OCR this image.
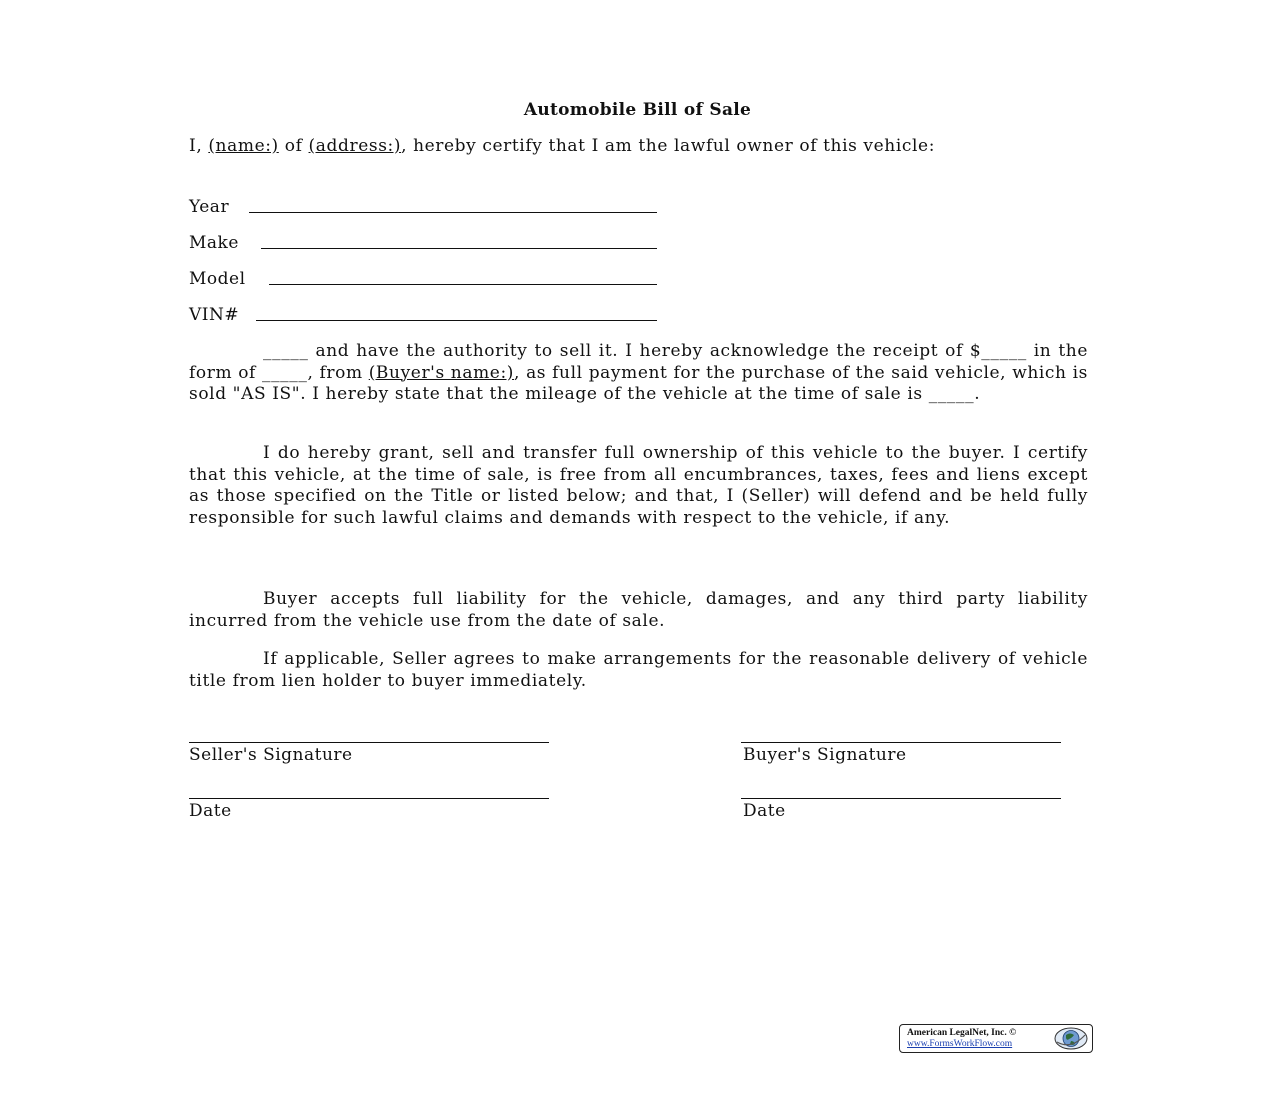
Automobile Bill of Sale
I, (name:) of (address:), hereby certify that I am the lawful owner of this vehicle:
Year
Make
Model
VIN#
_____ and have the authority to sell it. I hereby acknowledge the receipt of $_____ in the form of _____, from (Buyer's name:), as full payment for the purchase of the said vehicle, which is sold "AS IS". I hereby state that the mileage of the vehicle at the time of sale is _____.
I do hereby grant, sell and transfer full ownership of this vehicle to the buyer. I certify that this vehicle, at the time of sale, is free from all encumbrances, taxes, fees and liens except as those specified on the Title or listed below; and that, I (Seller) will defend and be held fully responsible for such lawful claims and demands with respect to the vehicle, if any.
Buyer accepts full liability for the vehicle, damages, and any third party liability incurred from the vehicle use from the date of sale.
If applicable, Seller agrees to make arrangements for the reasonable delivery of vehicle title from lien holder to buyer immediately.
Seller's Signature	Buyer's Signature
Date	Date
American LegalNet, Inc. ©
www.FormsWorkFlow.com
